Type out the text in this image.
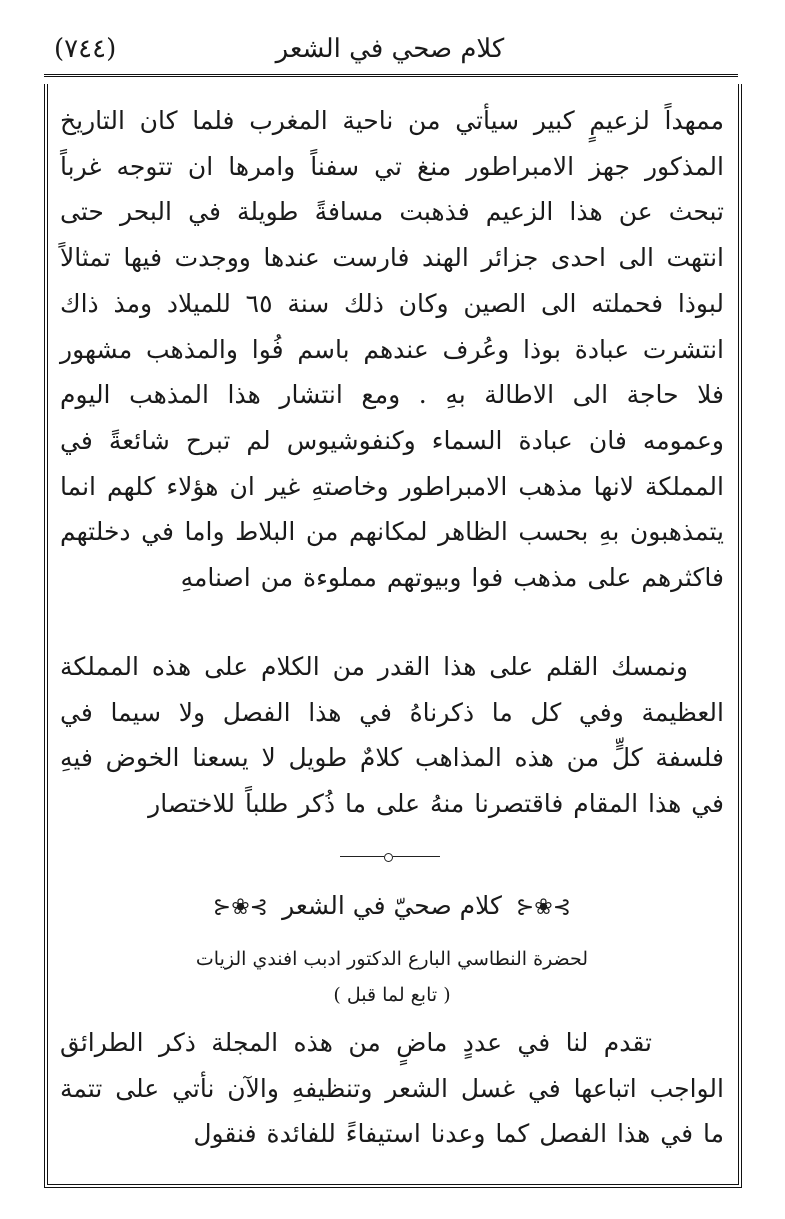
(٧٤٤)	كلام صحي في الشعر

ممهداً لزعيمٍ كبير سيأتي من ناحية المغرب فلما كان التاريخ المذكور جهز الامبراطور منغ تي سفناً وامرها ان تتوجه غرباً تبحث عن هذا الزعيم فذهبت مسافةً طويلة في البحر حتى انتهت الى احدى جزائر الهند فارست عندها ووجدت فيها تمثالاً لبوذا فحملته الى الصين وكان ذلك سنة ٦٥ للميلاد ومذ ذاك انتشرت عبادة بوذا وعُرف عندهم باسم فُوا والمذهب مشهور فلا حاجة الى الاطالة بهِ . ومع انتشار هذا المذهب اليوم وعمومه فان عبادة السماء وكنفوشيوس لم تبرح شائعةً في المملكة لانها مذهب الامبراطور وخاصتهِ غير ان هؤلاء كلهم انما يتمذهبون بهِ بحسب الظاهر لمكانهم من البلاط واما في دخلتهم فاكثرهم على مذهب فوا وبيوتهم مملوءة من اصنامهِ

ونمسك القلم على هذا القدر من الكلام على هذه المملكة العظيمة وفي كل ما ذكرناهُ في هذا الفصل ولا سيما في فلسفة كلٍّ من هذه المذاهب كلامٌ طويل لا يسعنا الخوض فيهِ في هذا المقام فاقتصرنا منهُ على ما ذُكر طلباً للاختصار

⊱❀⊰ كلام صحيّ في الشعر ⊱❀⊰
لحضرة النطاسي البارع الدكتور ادبب افندي الزيات
( تابع لما قبل )

تقدم لنا في عددٍ ماضٍ من هذه المجلة ذكر الطرائق الواجب اتباعها في غسل الشعر وتنظيفهِ والآن نأتي على تتمة ما في هذا الفصل كما وعدنا استيفاءً للفائدة فنقول
